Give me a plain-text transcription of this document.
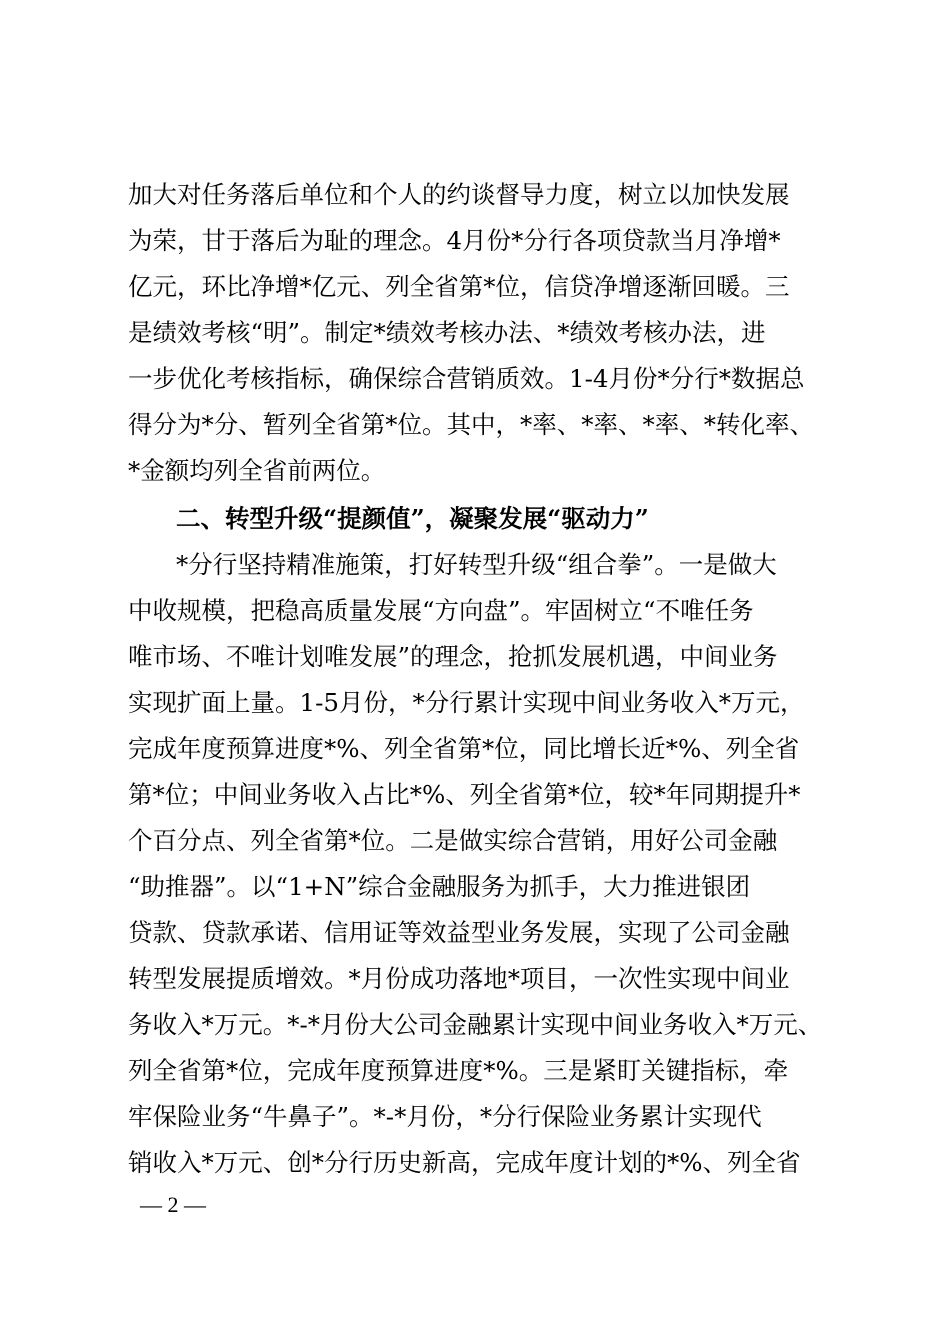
加大对任务落后单位和个人的约谈督导力度，树立以加快发展
为荣，甘于落后为耻的理念。4月份*分行各项贷款当月净增*
亿元，环比净增*亿元、列全省第*位，信贷净增逐渐回暖。三
是绩效考核“明”。制定*绩效考核办法、*绩效考核办法，进
一步优化考核指标，确保综合营销质效。1-4月份*分行*数据总
得分为*分、暂列全省第*位。其中，*率、*率、*率、*转化率、
*金额均列全省前两位。
二、转型升级“提颜值”，凝聚发展“驱动力”
*分行坚持精准施策，打好转型升级“组合拳”。一是做大
中收规模，把稳高质量发展“方向盘”。牢固树立“不唯任务
唯市场、不唯计划唯发展”的理念，抢抓发展机遇，中间业务
实现扩面上量。1-5月份，*分行累计实现中间业务收入*万元，
完成年度预算进度*%、列全省第*位，同比增长近*%、列全省
第*位；中间业务收入占比*%、列全省第*位，较*年同期提升*
个百分点、列全省第*位。二是做实综合营销，用好公司金融
“助推器”。以“1+N”综合金融服务为抓手，大力推进银团
贷款、贷款承诺、信用证等效益型业务发展，实现了公司金融
转型发展提质增效。*月份成功落地*项目，一次性实现中间业
务收入*万元。*-*月份大公司金融累计实现中间业务收入*万元、
列全省第*位，完成年度预算进度*%。三是紧盯关键指标，牵
牢保险业务“牛鼻子”。*-*月份，*分行保险业务累计实现代
销收入*万元、创*分行历史新高，完成年度计划的*%、列全省
— 2 —
